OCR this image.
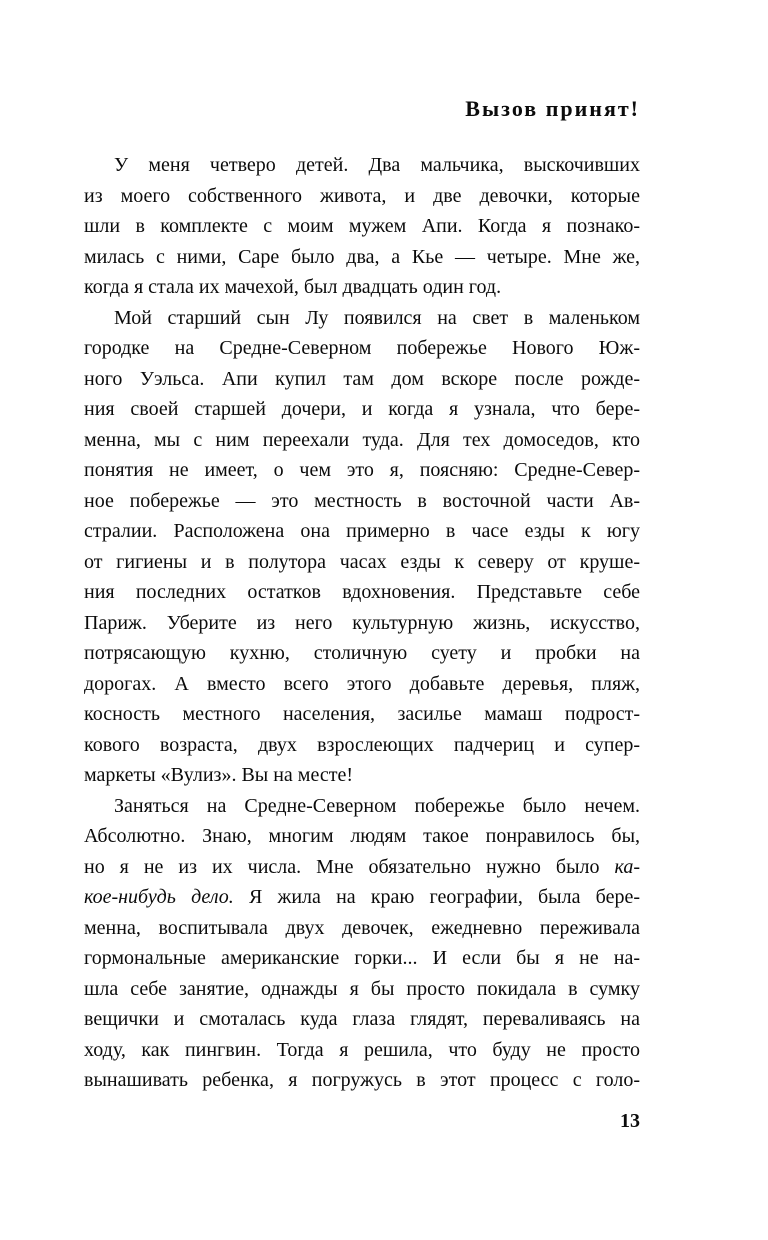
Вызов принят!
У меня четверо детей. Два мальчика, выскочивших
из моего собственного живота, и две девочки, которые
шли в комплекте с моим мужем Апи. Когда я познако-
милась с ними, Саре было два, а Кье — четыре. Мне же,
когда я стала их мачехой, был двадцать один год.
Мой старший сын Лу появился на свет в маленьком
городке на Средне-Северном побережье Нового Юж-
ного Уэльса. Апи купил там дом вскоре после рожде-
ния своей старшей дочери, и когда я узнала, что бере-
менна, мы с ним переехали туда. Для тех домоседов, кто
понятия не имеет, о чем это я, поясняю: Средне-Север-
ное побережье — это местность в восточной части Ав-
стралии. Расположена она примерно в часе езды к югу
от гигиены и в полутора часах езды к северу от круше-
ния последних остатков вдохновения. Представьте себе
Париж. Уберите из него культурную жизнь, искусство,
потрясающую кухню, столичную суету и пробки на
дорогах. А вместо всего этого добавьте деревья, пляж,
косность местного населения, засилье мамаш подрост-
кового возраста, двух взрослеющих падчериц и супер-
маркеты «Вулиз». Вы на месте!
Заняться на Средне-Северном побережье было нечем.
Абсолютно. Знаю, многим людям такое понравилось бы,
но я не из их числа. Мне обязательно нужно было ка-
кое-нибудь дело. Я жила на краю географии, была бере-
менна, воспитывала двух девочек, ежедневно переживала
гормональные американские горки... И если бы я не на-
шла себе занятие, однажды я бы просто покидала в сумку
вещички и смоталась куда глаза глядят, переваливаясь на
ходу, как пингвин. Тогда я решила, что буду не просто
вынашивать ребенка, я погружусь в этот процесс с голо-
13
